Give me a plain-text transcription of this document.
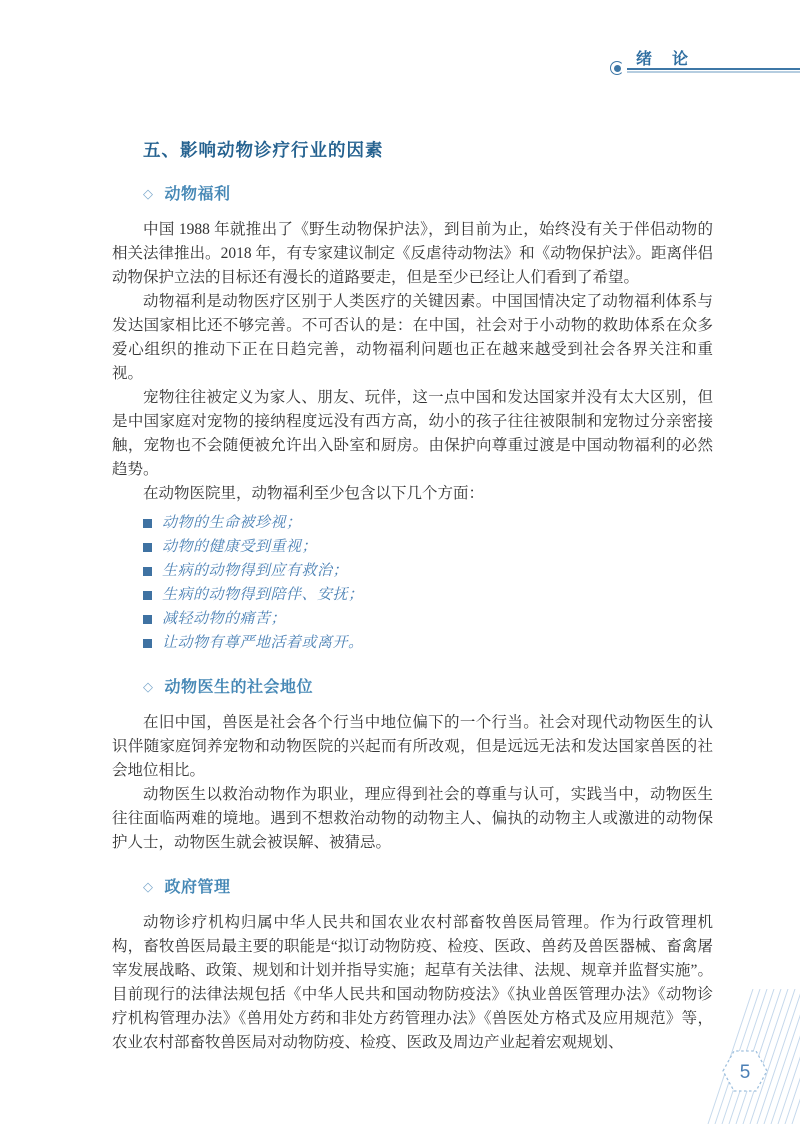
绪　论
五、影响动物诊疗行业的因素
◇ 动物福利

中国 1988 年就推出了《野生动物保护法》，到目前为止，始终没有关于伴侣动物的相关法律推出。2018 年，有专家建议制定《反虐待动物法》和《动物保护法》。距离伴侣动物保护立法的目标还有漫长的道路要走，但是至少已经让人们看到了希望。

动物福利是动物医疗区别于人类医疗的关键因素。中国国情决定了动物福利体系与发达国家相比还不够完善。不可否认的是：在中国，社会对于小动物的救助体系在众多爱心组织的推动下正在日趋完善，动物福利问题也正在越来越受到社会各界关注和重视。

宠物往往被定义为家人、朋友、玩伴，这一点中国和发达国家并没有太大区别，但是中国家庭对宠物的接纳程度远没有西方高，幼小的孩子往往被限制和宠物过分亲密接触，宠物也不会随便被允许出入卧室和厨房。由保护向尊重过渡是中国动物福利的必然趋势。

在动物医院里，动物福利至少包含以下几个方面：

动物的生命被珍视；
动物的健康受到重视；
生病的动物得到应有救治；
生病的动物得到陪伴、安抚；
减轻动物的痛苦；
让动物有尊严地活着或离开。
◇ 动物医生的社会地位

在旧中国，兽医是社会各个行当中地位偏下的一个行当。社会对现代动物医生的认识伴随家庭饲养宠物和动物医院的兴起而有所改观，但是远远无法和发达国家兽医的社会地位相比。

动物医生以救治动物作为职业，理应得到社会的尊重与认可，实践当中，动物医生往往面临两难的境地。遇到不想救治动物的动物主人、偏执的动物主人或激进的动物保护人士，动物医生就会被误解、被猜忌。

◇ 政府管理

动物诊疗机构归属中华人民共和国农业农村部畜牧兽医局管理。作为行政管理机构，畜牧兽医局最主要的职能是“拟订动物防疫、检疫、医政、兽药及兽医器械、畜禽屠宰发展战略、政策、规划和计划并指导实施；起草有关法律、法规、规章并监督实施”。目前现行的法律法规包括《中华人民共和国动物防疫法》《执业兽医管理办法》《动物诊疗机构管理办法》《兽用处方药和非处方药管理办法》《兽医处方格式及应用规范》等，农业农村部畜牧兽医局对动物防疫、检疫、医政及周边产业起着宏观规划、

5
